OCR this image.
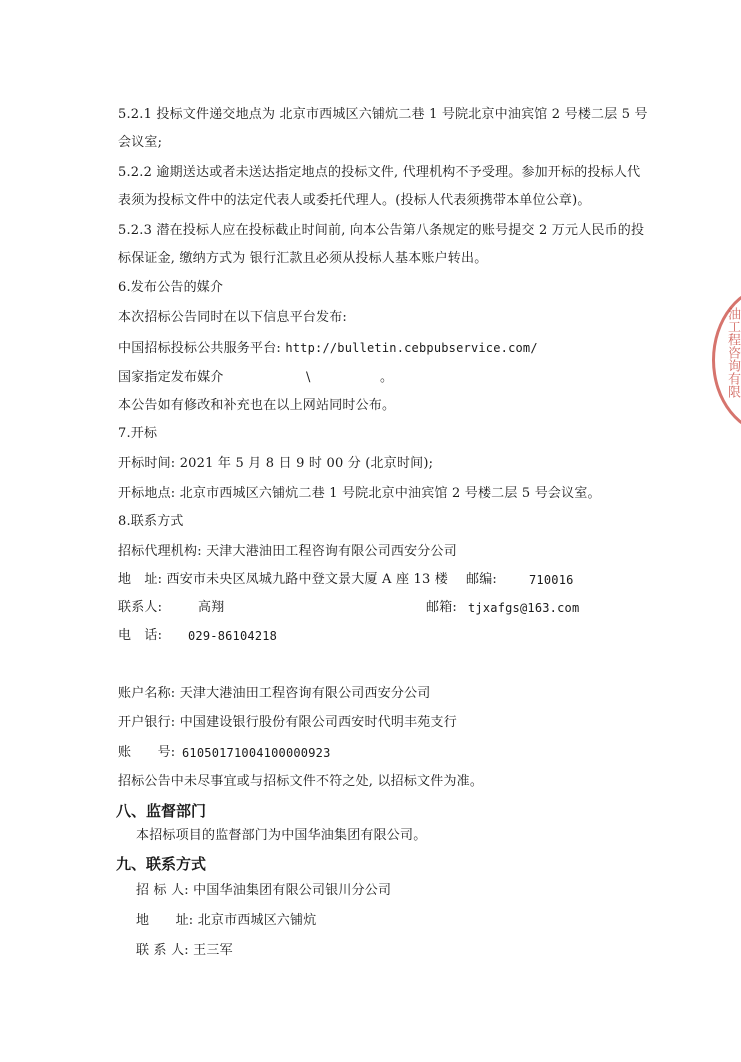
5.2.1 投标文件递交地点为 北京市西城区六铺炕二巷 1 号院北京中油宾馆 2 号楼二层 5 号
会议室;
5.2.2 逾期送达或者未送达指定地点的投标文件, 代理机构不予受理。参加开标的投标人代
表须为投标文件中的法定代表人或委托代理人。(投标人代表须携带本单位公章)。
5.2.3 潜在投标人应在投标截止时间前, 向本公告第八条规定的账号提交 2 万元人民币的投
标保证金, 缴纳方式为 银行汇款且必须从投标人基本账户转出。
6.发布公告的媒介
本次招标公告同时在以下信息平台发布:
中国招标投标公共服务平台: http://bulletin.cebpubservice.com/
国家指定发布媒介	\	。
本公告如有修改和补充也在以上网站同时公布。
7.开标
开标时间: 2021 年 5 月 8 日 9 时 00 分 (北京时间);
开标地点: 北京市西城区六铺炕二巷 1 号院北京中油宾馆 2 号楼二层 5 号会议室。
8.联系方式
招标代理机构: 天津大港油田工程咨询有限公司西安分公司
地　址: 西安市未央区凤城九路中登文景大厦 A 座 13 楼 邮编:	710016
联系人:	高翔	邮箱: tjxafgs@163.com
电　话: 029-86104218
账户名称: 天津大港油田工程咨询有限公司西安分公司
开户银行: 中国建设银行股份有限公司西安时代明丰苑支行
账　　号: 61050171004100000923
招标公告中未尽事宜或与招标文件不符之处, 以招标文件为准。
八、监督部门
本招标项目的监督部门为中国华油集团有限公司。
九、联系方式
招 标 人: 中国华油集团有限公司银川分公司
地　　址: 北京市西城区六铺炕
联 系 人: 王三军
油工程咨询有限
